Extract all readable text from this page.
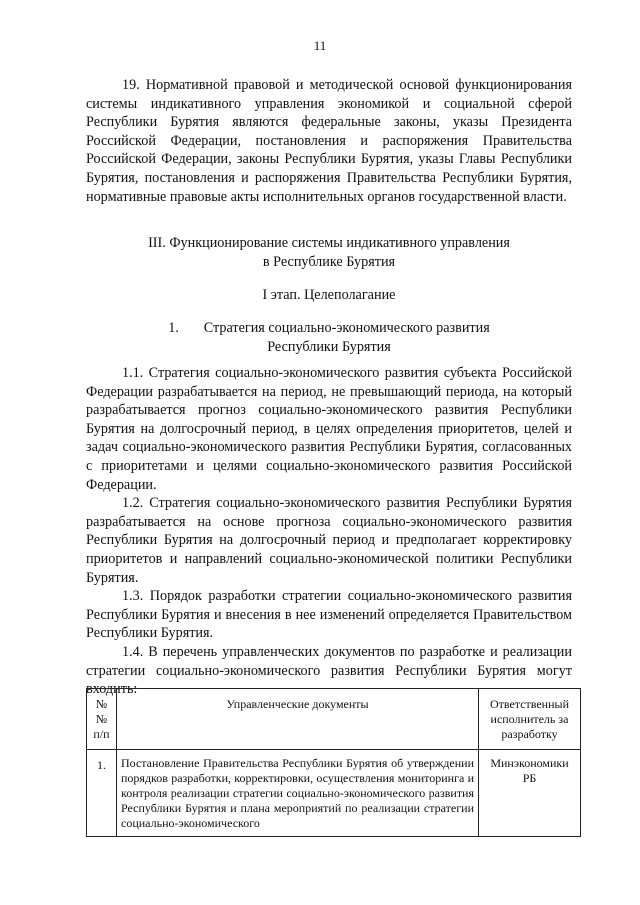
11

19. Нормативной правовой и методической основой функционирования системы индикативного управления экономикой и социальной сферой Республики Бурятия являются федеральные законы, указы Президента Российской Федерации, постановления и распоряжения Правительства Российской Федерации, законы Республики Бурятия, указы Главы Республики Бурятия, постановления и распоряжения Правительства Республики Бурятия, нормативные правовые акты исполнительных органов государственной власти.

III. Функционирование системы индикативного управления

в Республике Бурятия

I этап. Целеполагание

1.       Стратегия социально-экономического развития

Республики Бурятия

1.1. Стратегия социально-экономического развития субъекта Российской Федерации разрабатывается на период, не превышающий периода, на который разрабатывается прогноз социально-экономического развития Республики Бурятия на долгосрочный период, в целях определения приоритетов, целей и задач социально-экономического развития Республики Бурятия, согласованных с приоритетами и целями социально-экономического развития Российской Федерации.

1.2. Стратегия социально-экономического развития Республики Бурятия разрабатывается на основе прогноза социально-экономического развития Республики Бурятия на долгосрочный период и предполагает корректировку приоритетов и направлений социально-экономической политики Республики Бурятия.

1.3. Порядок разработки стратегии социально-экономического развития Республики Бурятия и внесения в нее изменений определяется Правительством Республики Бурятия.

1.4. В перечень управленческих документов по разработке и реализации стратегии социально-экономического развития Республики Бурятия могут входить:

№№ п/п	Управленческие документы	Ответственный исполнитель за разработку
1.	Постановление Правительства Республики Бурятия об утверждении порядков разработки, корректировки, осуществления мониторинга и контроля реализации стратегии социально-экономического развития Республики Бурятия и плана мероприятий по реализации стратегии социально-экономического	Минэкономики РБ
